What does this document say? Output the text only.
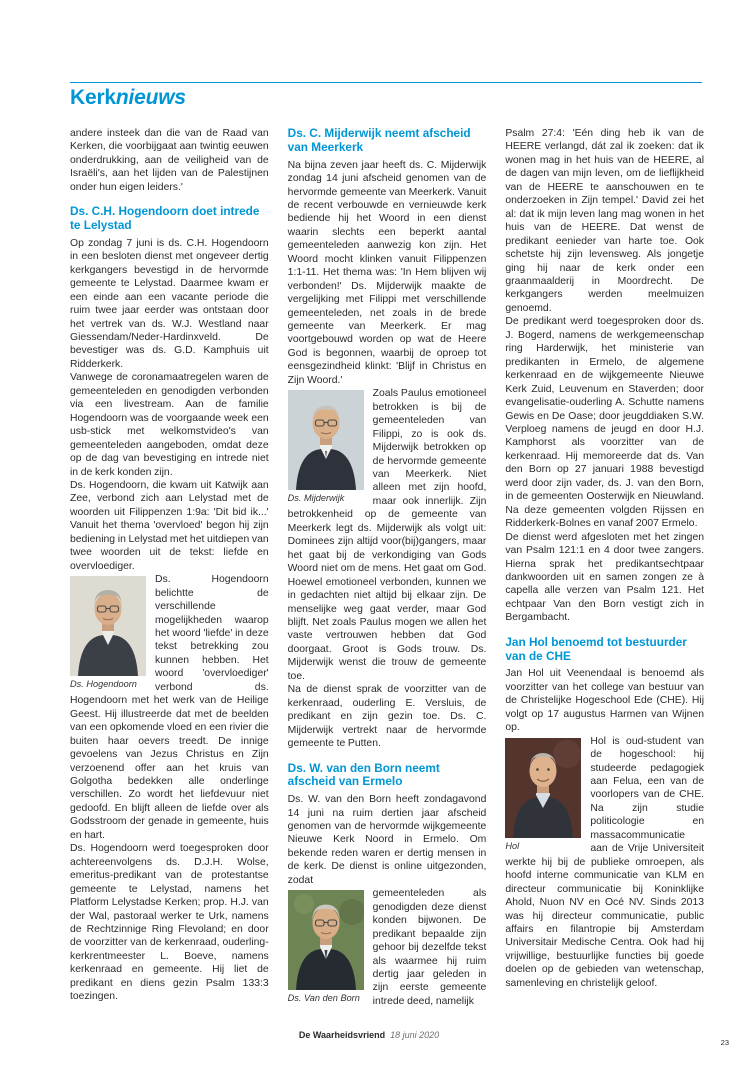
Kerknieuws

andere insteek dan die van de Raad van Kerken, die voorbijgaat aan twintig eeuwen onderdrukking, aan de veiligheid van de Israëli's, aan het lijden van de Palestijnen onder hun eigen leiders.'

Ds. C.H. Hogendoorn doet intrede te Lelystad

Op zondag 7 juni is ds. C.H. Hogendoorn in een besloten dienst met ongeveer dertig kerkgangers bevestigd in de hervormde gemeente te Lelystad. Daarmee kwam er een einde aan een vacante periode die ruim twee jaar eerder was ontstaan door het vertrek van ds. W.J. Westland naar Giessendam/Neder-Hardinxveld. De bevestiger was ds. G.D. Kamphuis uit Ridderkerk.

Vanwege de coronamaatregelen waren de gemeenteleden en genodigden verbonden via een livestream. Aan de familie Hogendoorn was de voorgaande week een usb-stick met welkomstvideo's van gemeenteleden aangeboden, omdat deze op de dag van bevestiging en intrede niet in de kerk konden zijn.

Ds. Hogendoorn, die kwam uit Katwijk aan Zee, verbond zich aan Lelystad met de woorden uit Filippenzen 1:9a: 'Dit bid ik...' Vanuit het thema 'overvloed' begon hij zijn bediening in Lelystad met het uitdiepen van twee woorden uit de tekst: liefde en overvloediger.

Ds. Hogendoorn

Ds. Hogendoorn belichtte de verschillende mogelijkheden waarop het woord 'liefde' in deze tekst betrekking zou kunnen hebben. Het woord 'overvloediger' verbond ds. Hogendoorn met het werk van de Heilige Geest. Hij illustreerde dat met de beelden van een opkomende vloed en een rivier die buiten haar oevers treedt. De innige gevoelens van Jezus Christus en Zijn verzoenend offer aan het kruis van Golgotha bedekken alle onderlinge verschillen. Zo wordt het liefdevuur niet gedoofd. En blijft alleen de liefde over als Godsstroom der genade in gemeente, huis en hart.

Ds. Hogendoorn werd toegesproken door achtereenvolgens ds. D.J.H. Wolse, emeritus-predikant van de protestantse gemeente te Lelystad, namens het Platform Lelystadse Kerken; prop. H.J. van der Wal, pastoraal werker te Urk, namens de Rechtzinnige Ring Flevoland; en door de voorzitter van de kerkenraad, ouderling-kerkrentmeester L. Boeve, namens kerkenraad en gemeente. Hij liet de predikant en diens gezin Psalm 133:3 toezingen.

Ds. C. Mijderwijk neemt afscheid van Meerkerk

Na bijna zeven jaar heeft ds. C. Mijderwijk zondag 14 juni afscheid genomen van de hervormde gemeente van Meerkerk. Vanuit de recent verbouwde en vernieuwde kerk bediende hij het Woord in een dienst waarin slechts een beperkt aantal gemeenteleden aanwezig kon zijn. Het Woord mocht klinken vanuit Filippenzen 1:1-11. Het thema was: 'In Hem blijven wij verbonden!' Ds. Mijderwijk maakte de vergelijking met Filippi met verschillende gemeenteleden, net zoals in de brede gemeente van Meerkerk. Er mag voortgebouwd worden op wat de Heere God is begonnen, waarbij de oproep tot eensgezindheid klinkt: 'Blijf in Christus en Zijn Woord.'

Ds. Mijderwijk

Zoals Paulus emotioneel betrokken is bij de gemeenteleden van Filippi, zo is ook ds. Mijderwijk betrokken op de hervormde gemeente van Meerkerk. Niet alleen met zijn hoofd, maar ook innerlijk. Zijn betrokkenheid op de gemeente van Meerkerk legt ds. Mijderwijk als volgt uit: Dominees zijn altijd voor(bij)gangers, maar het gaat bij de verkondiging van Gods Woord niet om de mens. Het gaat om God. Hoewel emotioneel verbonden, kunnen we in gedachten niet altijd bij elkaar zijn. De menselijke weg gaat verder, maar God blijft. Net zoals Paulus mogen we allen het vaste vertrouwen hebben dat God doorgaat. Groot is Gods trouw. Ds. Mijderwijk wenst die trouw de gemeente toe.

Na de dienst sprak de voorzitter van de kerkenraad, ouderling E. Versluis, de predikant en zijn gezin toe. Ds. C. Mijderwijk vertrekt naar de hervormde gemeente te Putten.

Ds. W. van den Born neemt afscheid van Ermelo

Ds. W. van den Born heeft zondagavond 14 juni na ruim dertien jaar afscheid genomen van de hervormde wijkgemeente Nieuwe Kerk Noord in Ermelo. Om bekende reden waren er dertig mensen in de kerk. De dienst is online uitgezonden, zodat

Ds. Van den Born

gemeenteleden als genodigden deze dienst konden bijwonen. De predikant bepaalde zijn gehoor bij dezelfde tekst als waarmee hij ruim dertig jaar geleden in zijn eerste gemeente intrede deed, namelijk

Psalm 27:4: 'Eén ding heb ik van de HEERE verlangd, dát zal ik zoeken: dat ik wonen mag in het huis van de HEERE, al de dagen van mijn leven, om de lieflijkheid van de HEERE te aanschouwen en te onderzoeken in Zijn tempel.' David zei het al: dat ik mijn leven lang mag wonen in het huis van de HEERE. Dat wenst de predikant eenieder van harte toe. Ook schetste hij zijn levensweg. Als jongetje ging hij naar de kerk onder een graanmaalderij in Moordrecht. De kerkgangers werden meelmuizen genoemd.

De predikant werd toegesproken door ds. J. Bogerd, namens de werkgemeenschap ring Harderwijk, het ministerie van predikanten in Ermelo, de algemene kerkenraad en de wijkgemeente Nieuwe Kerk Zuid, Leuvenum en Staverden; door evangelisatie-ouderling A. Schutte namens Gewis en De Oase; door jeugddiaken S.W. Verploeg namens de jeugd en door H.J. Kamphorst als voorzitter van de kerkenraad. Hij memoreerde dat ds. Van den Born op 27 januari 1988 bevestigd werd door zijn vader, ds. J. van den Born, in de gemeenten Oosterwijk en Nieuwland. Na deze gemeenten volgden Rijssen en Ridderkerk-Bolnes en vanaf 2007 Ermelo.

De dienst werd afgesloten met het zingen van Psalm 121:1 en 4 door twee zangers. Hierna sprak het predikantsechtpaar dankwoorden uit en samen zongen ze à capella alle verzen van Psalm 121. Het echtpaar Van den Born vestigt zich in Bergambacht.

Jan Hol benoemd tot bestuurder van de CHE

Jan Hol uit Veenendaal is benoemd als voorzitter van het college van bestuur van de Christelijke Hogeschool Ede (CHE). Hij volgt op 17 augustus Harmen van Wijnen op.

Hol

Hol is oud-student van de hogeschool: hij studeerde pedagogiek aan Felua, een van de voorlopers van de CHE. Na zijn studie politicologie en massacommunicatie aan de Vrije Universiteit werkte hij bij de publieke omroepen, als hoofd interne communicatie van KLM en directeur communicatie bij Koninklijke Ahold, Nuon NV en Océ NV. Sinds 2013 was hij directeur communicatie, public affairs en filantropie bij Amsterdam Universitair Medische Centra. Ook had hij vrijwillige, bestuurlijke functies bij goede doelen op de gebieden van wetenschap, samenleving en christelijk geloof.

De Waarheidsvriend 18 juni 2020
23
